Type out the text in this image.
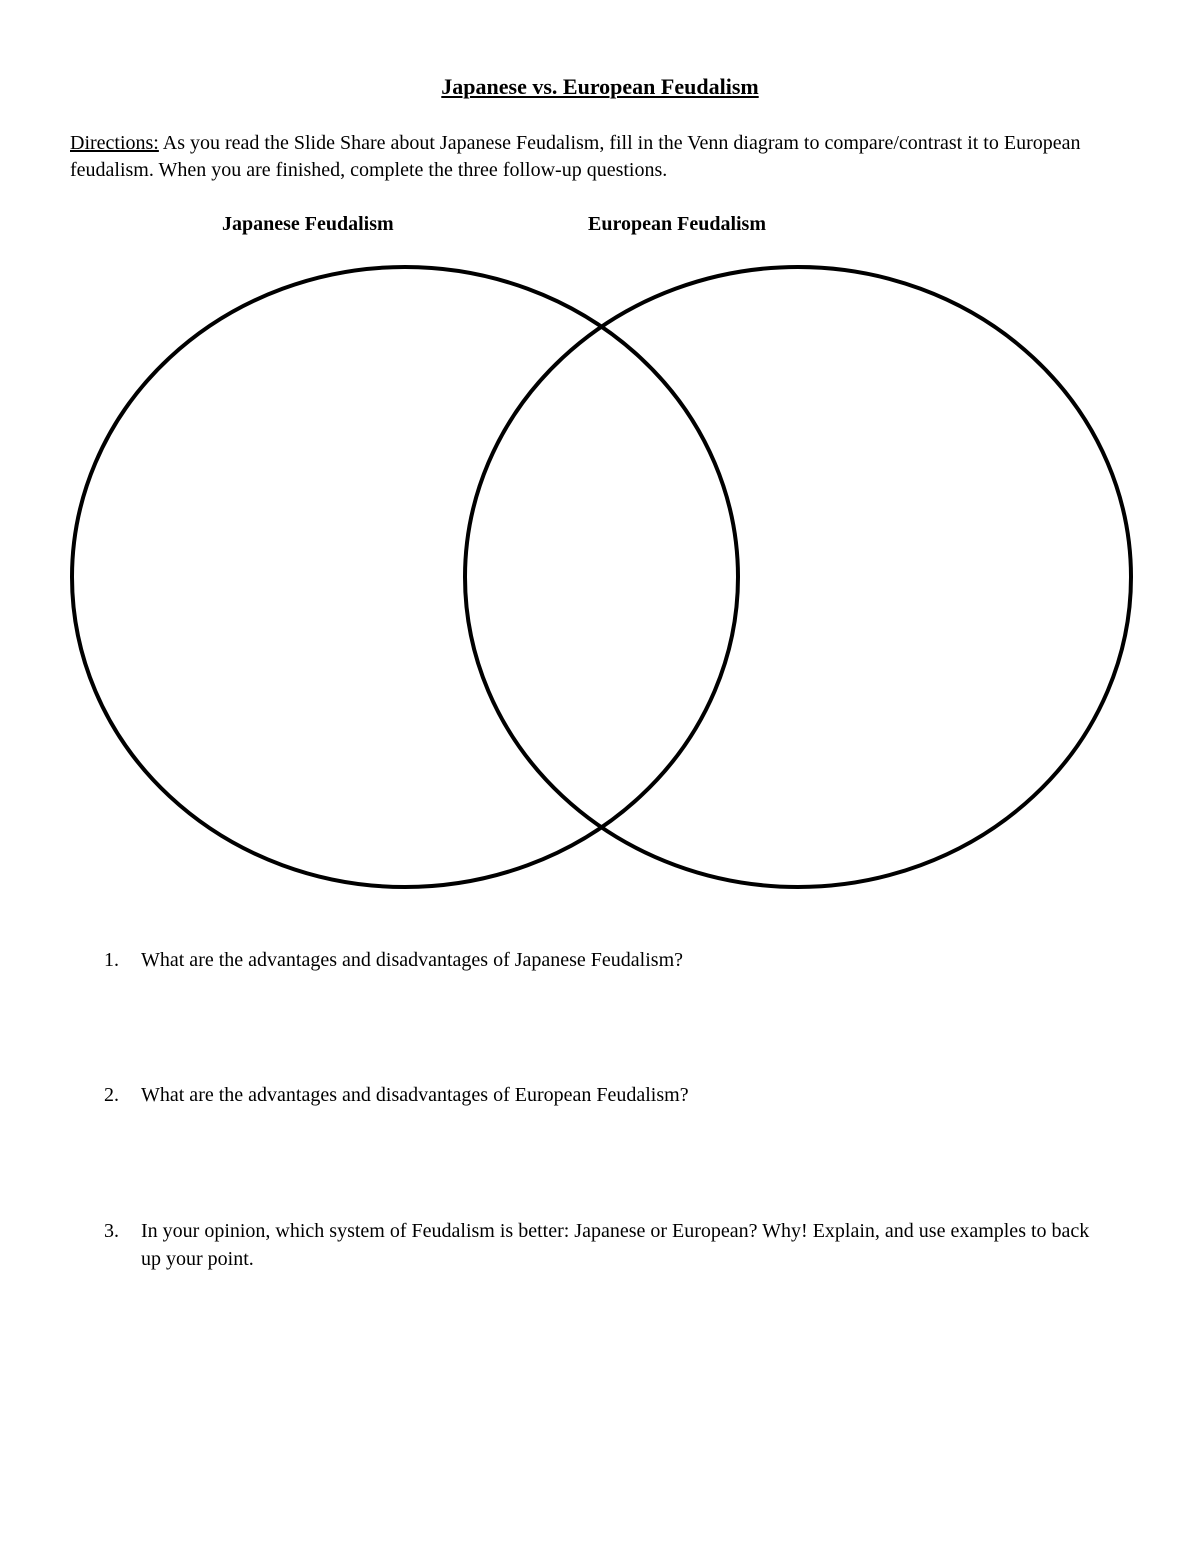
Japanese vs. European Feudalism
Directions: As you read the Slide Share about Japanese Feudalism, fill in the Venn diagram to compare/contrast it to European feudalism. When you are finished, complete the three follow-up questions.
Japanese Feudalism	European Feudalism
1. What are the advantages and disadvantages of Japanese Feudalism?
2. What are the advantages and disadvantages of European Feudalism?
3. In your opinion, which system of Feudalism is better: Japanese or European? Why! Explain, and use examples to back up your point.
